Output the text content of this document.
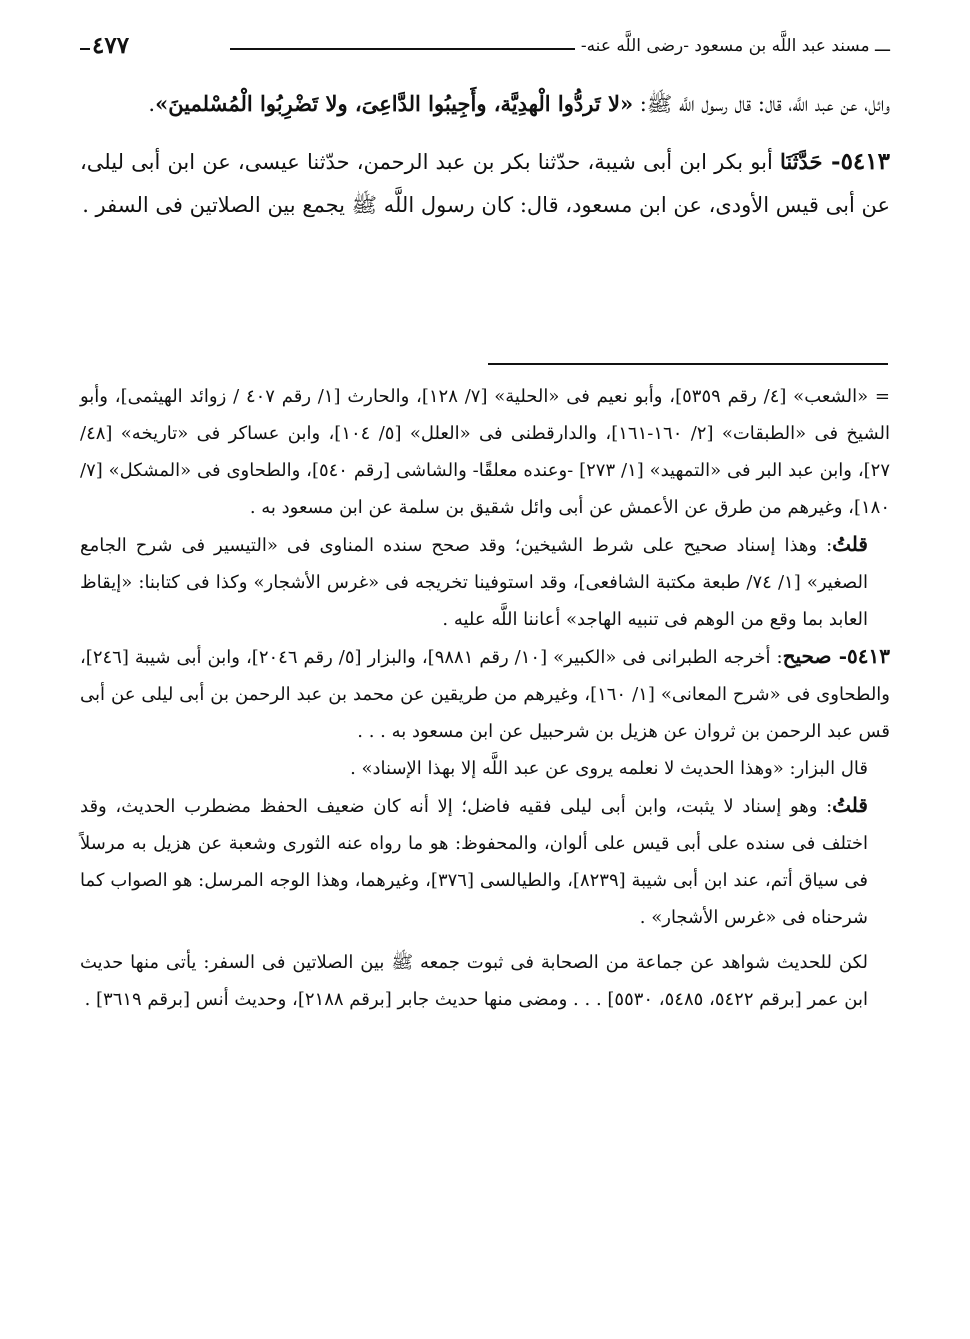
ـــ مسند عبد اللَّه بن مسعود -رضى اللَّه عنه-
٤٧٧

وائل، عن عبد اللَّه، قال: قال رسول اللَّه ﷺ: «لا تَردُّوا الْهدِيَّة، وأَجِيبُوا الدَّاعِىَ، ولا تَضْرِبُوا الْمُسْلمينَ».

٥٤١٣- حَدَّثَنَا أبو بكر ابن أبى شيبة، حدّثنا بكر بن عبد الرحمن، حدّثنا عيسى، عن ابن أبى ليلى، عن أبى قيس الأودى، عن ابن مسعود، قال: كان رسول اللَّه ﷺ يجمع بين الصلاتين فى السفر .

= «الشعب» [٤/ رقم ٥٣٥٩]، وأبو نعيم فى «الحلية» [٧/ ١٢٨]، والحارث [١/ رقم ٤٠٧ / زوائد الهيثمى]، وأبو الشيخ فى «الطبقات» [٢/ ١٦٠-١٦١]، والدارقطنى فى «العلل» [٥/ ١٠٤]، وابن عساكر فى «تاريخه» [٤٨/ ٢٧]، وابن عبد البر فى «التمهيد» [١/ ٢٧٣] -وعنده معلقًا- والشاشى [رقم ٥٤٠]، والطحاوى فى «المشكل» [٧/ ١٨٠]، وغيرهم من طرق عن الأعمش عن أبى وائل شقيق بن سلمة عن ابن مسعود به .

قلتُ: وهذا إسناد صحيح على شرط الشيخين؛ وقد صحح سنده المناوى فى «التيسير فى شرح الجامع الصغير» [١/ ٧٤/ طبعة مكتبة الشافعى]، وقد استوفينا تخريجه فى «غرس الأشجار» وكذا فى كتابنا: «إيقاظ العابد بما وقع من الوهم فى تنبيه الهاجد» أعاننا اللَّه عليه .

٥٤١٣- صحيح: أخرجه الطبرانى فى «الكبير» [١٠/ رقم ٩٨٨١]، والبزار [٥/ رقم ٢٠٤٦]، وابن أبى شيبة [٢٤٦]، والطحاوى فى «شرح المعانى» [١/ ١٦٠]، وغيرهم من طريقين عن محمد بن عبد الرحمن بن أبى ليلى عن أبى قس عبد الرحمن بن ثروان عن هزيل بن شرحبيل عن ابن مسعود به . . .

قال البزار: «وهذا الحديث لا نعلمه يروى عن عبد اللَّه إلا بهذا الإسناد» .

قلتُ: وهو إسناد لا يثبت، وابن أبى ليلى فقيه فاضل؛ إلا أنه كان ضعيف الحفظ مضطرب الحديث، وقد اختلف فى سنده على أبى قيس على ألوان، والمحفوظ: هو ما رواه عنه الثورى وشعبة عن هزيل به مرسلاً فى سياق أتم، عند ابن أبى شيبة [٨٢٣٩]، والطيالسى [٣٧٦]، وغيرهما، وهذا الوجه المرسل: هو الصواب كما شرحناه فى «غرس الأشجار» .

لكن للحديث شواهد عن جماعة من الصحابة فى ثبوت جمعه ﷺ بين الصلاتين فى السفر: يأتى منها حديث ابن عمر [برقم ٥٤٢٢، ٥٤٨٥، ٥٥٣٠] . . . ومضى منها حديث جابر [برقم ٢١٨٨]، وحديث أنس [برقم ٣٦١٩] .
